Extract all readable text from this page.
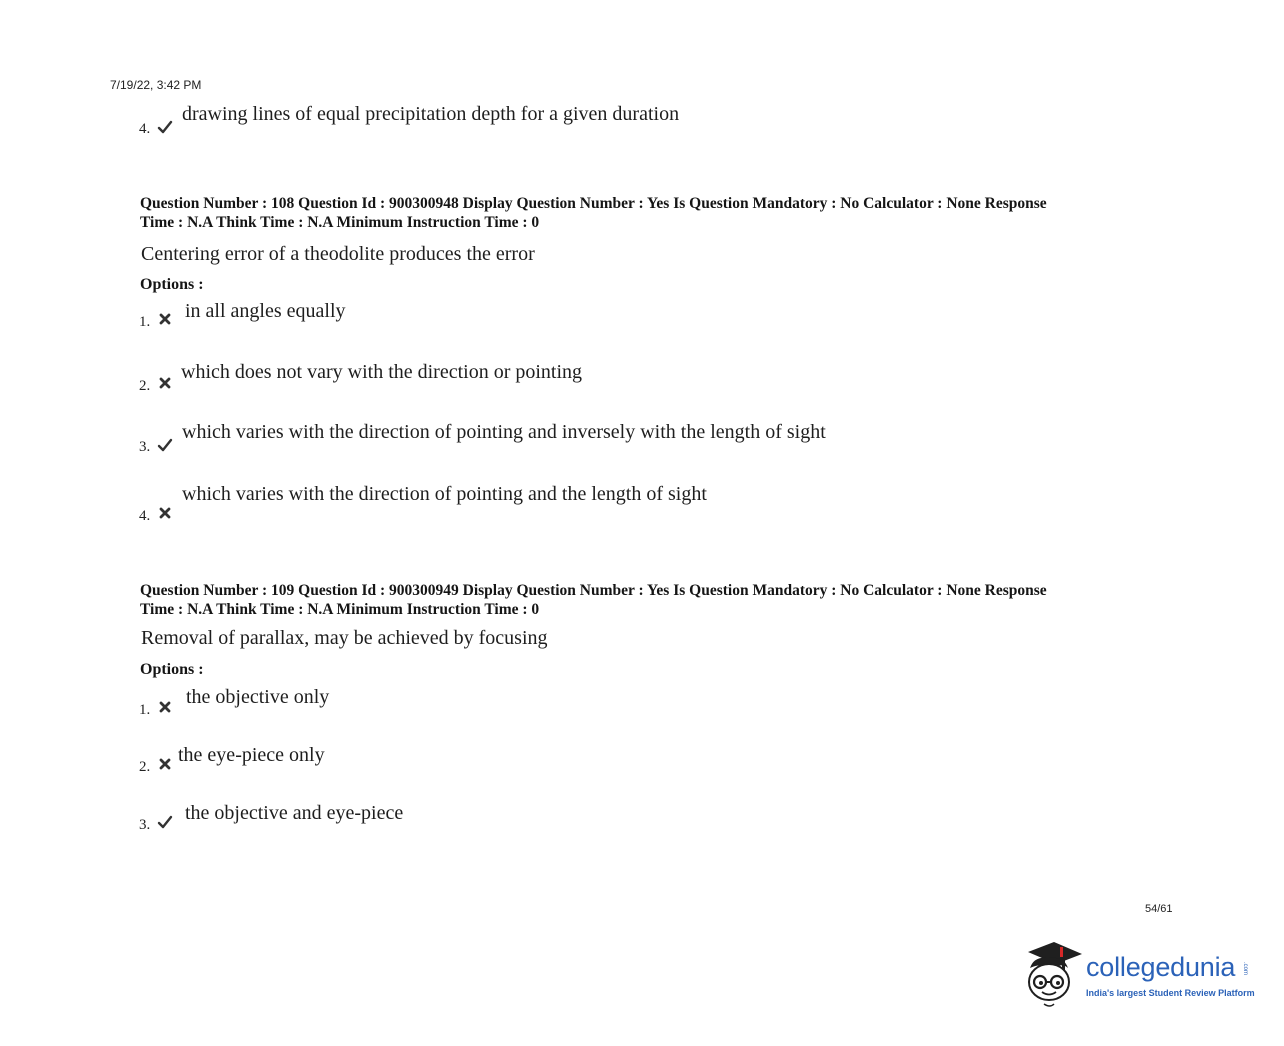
7/19/22, 3:42 PM
4.
drawing lines of equal precipitation depth for a given duration
Question Number : 108 Question Id : 900300948 Display Question Number : Yes Is Question Mandatory : No Calculator : None Response
Time : N.A Think Time : N.A Minimum Instruction Time : 0
Centering error of a theodolite produces the error
Options :
1. in all angles equally
2.
which does not vary with the direction or pointing
3.
which varies with the direction of pointing and inversely with the length of sight
4.
which varies with the direction of pointing and the length of sight
Question Number : 109 Question Id : 900300949 Display Question Number : Yes Is Question Mandatory : No Calculator : None Response
Time : N.A Think Time : N.A Minimum Instruction Time : 0
Removal of parallax, may be achieved by focusing
Options :
1.
the objective only
2.
the eye-piece only
3.
the objective and eye-piece
54/61
collegedunia .com
India's largest Student Review Platform
